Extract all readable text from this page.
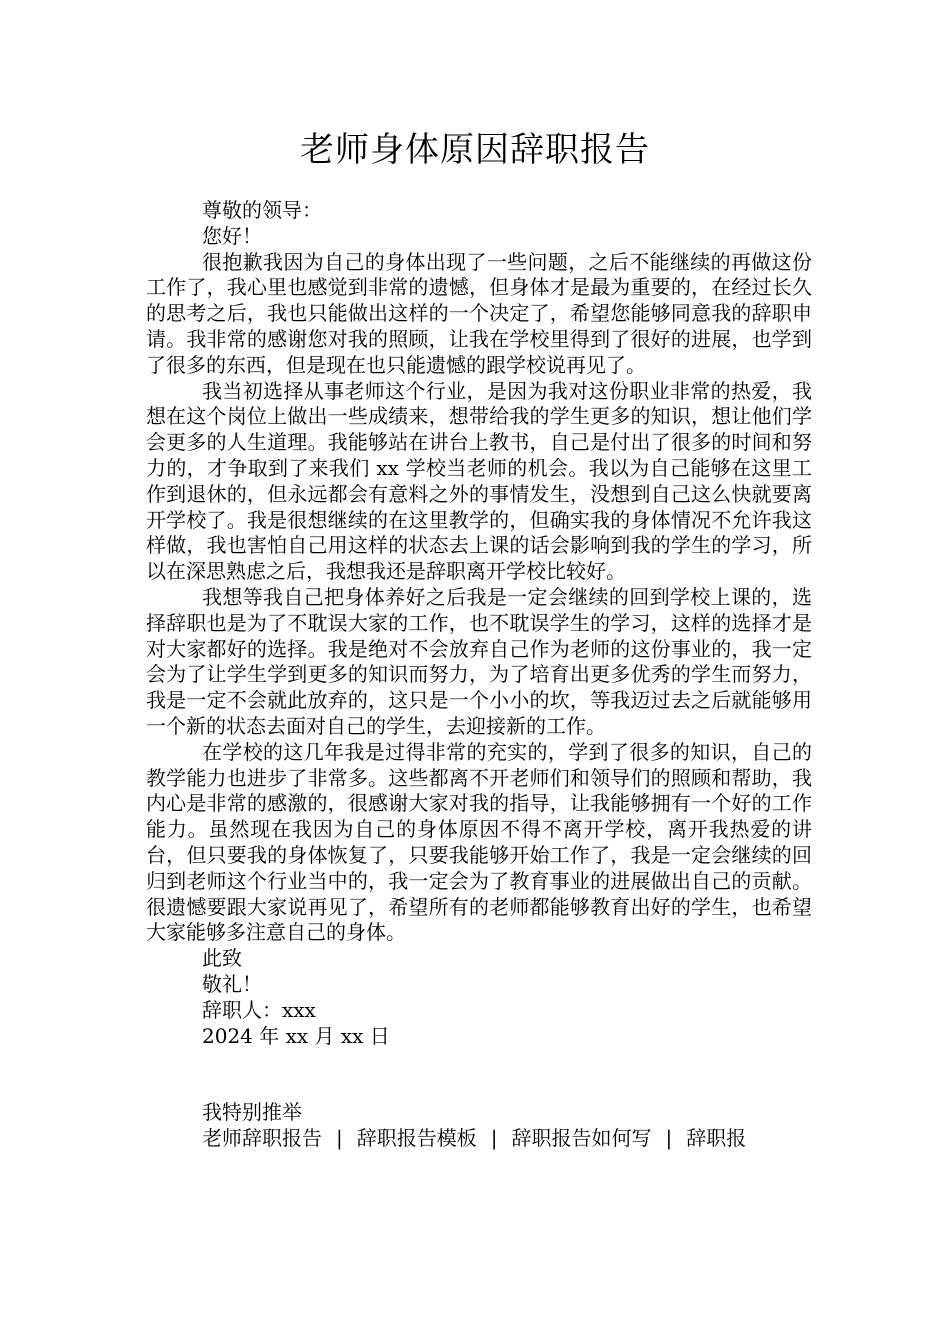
老师身体原因辞职报告

尊敬的领导：

您好！

很抱歉我因为自己的身体出现了一些问题，之后不能继续的再做这份工作了，我心里也感觉到非常的遗憾，但身体才是最为重要的，在经过长久的思考之后，我也只能做出这样的一个决定了，希望您能够同意我的辞职申请。我非常的感谢您对我的照顾，让我在学校里得到了很好的进展，也学到了很多的东西，但是现在也只能遗憾的跟学校说再见了。

我当初选择从事老师这个行业，是因为我对这份职业非常的热爱，我想在这个岗位上做出一些成绩来，想带给我的学生更多的知识，想让他们学会更多的人生道理。我能够站在讲台上教书，自己是付出了很多的时间和努力的，才争取到了来我们 xx 学校当老师的机会。我以为自己能够在这里工作到退休的，但永远都会有意料之外的事情发生，没想到自己这么快就要离开学校了。我是很想继续的在这里教学的，但确实我的身体情况不允许我这样做，我也害怕自己用这样的状态去上课的话会影响到我的学生的学习，所以在深思熟虑之后，我想我还是辞职离开学校比较好。

我想等我自己把身体养好之后我是一定会继续的回到学校上课的，选择辞职也是为了不耽误大家的工作，也不耽误学生的学习，这样的选择才是对大家都好的选择。我是绝对不会放弃自己作为老师的这份事业的，我一定会为了让学生学到更多的知识而努力，为了培育出更多优秀的学生而努力，我是一定不会就此放弃的，这只是一个小小的坎，等我迈过去之后就能够用一个新的状态去面对自己的学生，去迎接新的工作。

在学校的这几年我是过得非常的充实的，学到了很多的知识，自己的教学能力也进步了非常多。这些都离不开老师们和领导们的照顾和帮助，我内心是非常的感激的，很感谢大家对我的指导，让我能够拥有一个好的工作能力。虽然现在我因为自己的身体原因不得不离开学校，离开我热爱的讲台，但只要我的身体恢复了，只要我能够开始工作了，我是一定会继续的回归到老师这个行业当中的，我一定会为了教育事业的进展做出自己的贡献。很遗憾要跟大家说再见了，希望所有的老师都能够教育出好的学生，也希望大家能够多注意自己的身体。

此致

敬礼！

辞职人：xxx

2024 年 xx 月 xx 日

我特别推举

老师辞职报告 | 辞职报告模板 | 辞职报告如何写 | 辞职报
